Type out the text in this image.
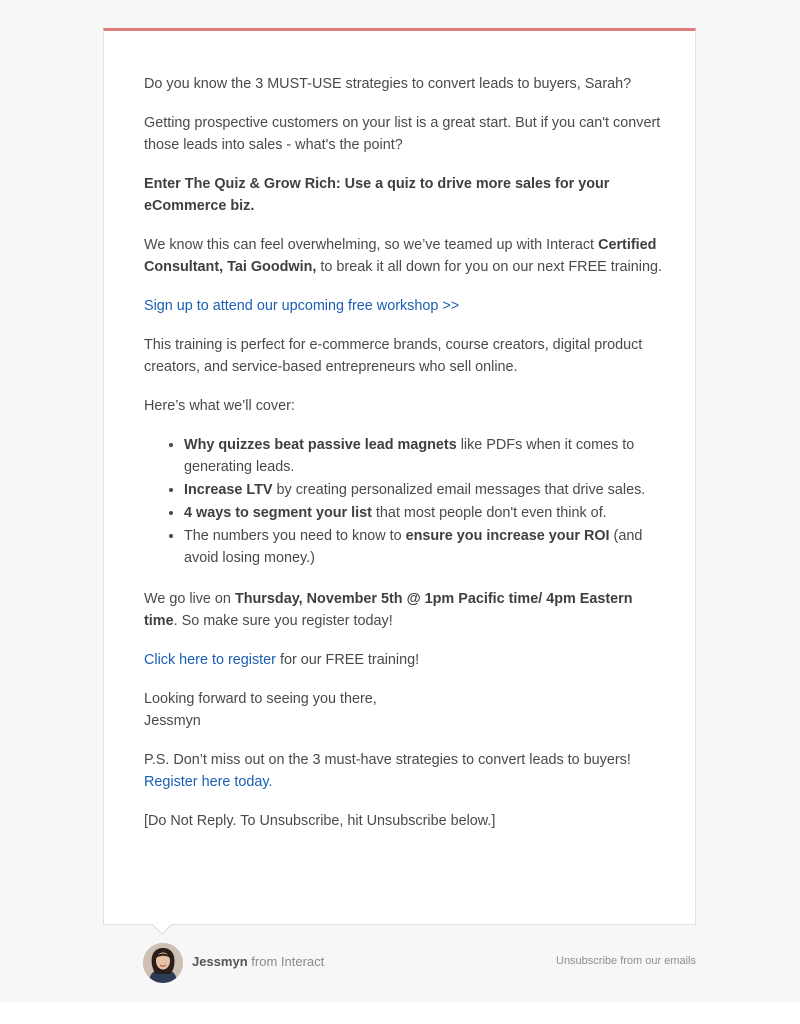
Do you know the 3 MUST-USE strategies to convert leads to buyers, Sarah?

Getting prospective customers on your list is a great start. But if you can't convert those leads into sales - what's the point?

Enter The Quiz & Grow Rich: Use a quiz to drive more sales for your eCommerce biz.

We know this can feel overwhelming, so we’ve teamed up with Interact Certified Consultant, Tai Goodwin, to break it all down for you on our next FREE training.

Sign up to attend our upcoming free workshop >>

This training is perfect for e-commerce brands, course creators, digital product creators, and service-based entrepreneurs who sell online.

Here’s what we’ll cover:

• Why quizzes beat passive lead magnets like PDFs when it comes to generating leads.
• Increase LTV by creating personalized email messages that drive sales.
• 4 ways to segment your list that most people don't even think of.
• The numbers you need to know to ensure you increase your ROI (and avoid losing money.)

We go live on Thursday, November 5th @ 1pm Pacific time/ 4pm Eastern time. So make sure you register today!

Click here to register for our FREE training!

Looking forward to seeing you there,
Jessmyn

P.S. Don’t miss out on the 3 must-have strategies to convert leads to buyers! Register here today.

[Do Not Reply. To Unsubscribe, hit Unsubscribe below.]

Jessmyn from Interact	Unsubscribe from our emails
